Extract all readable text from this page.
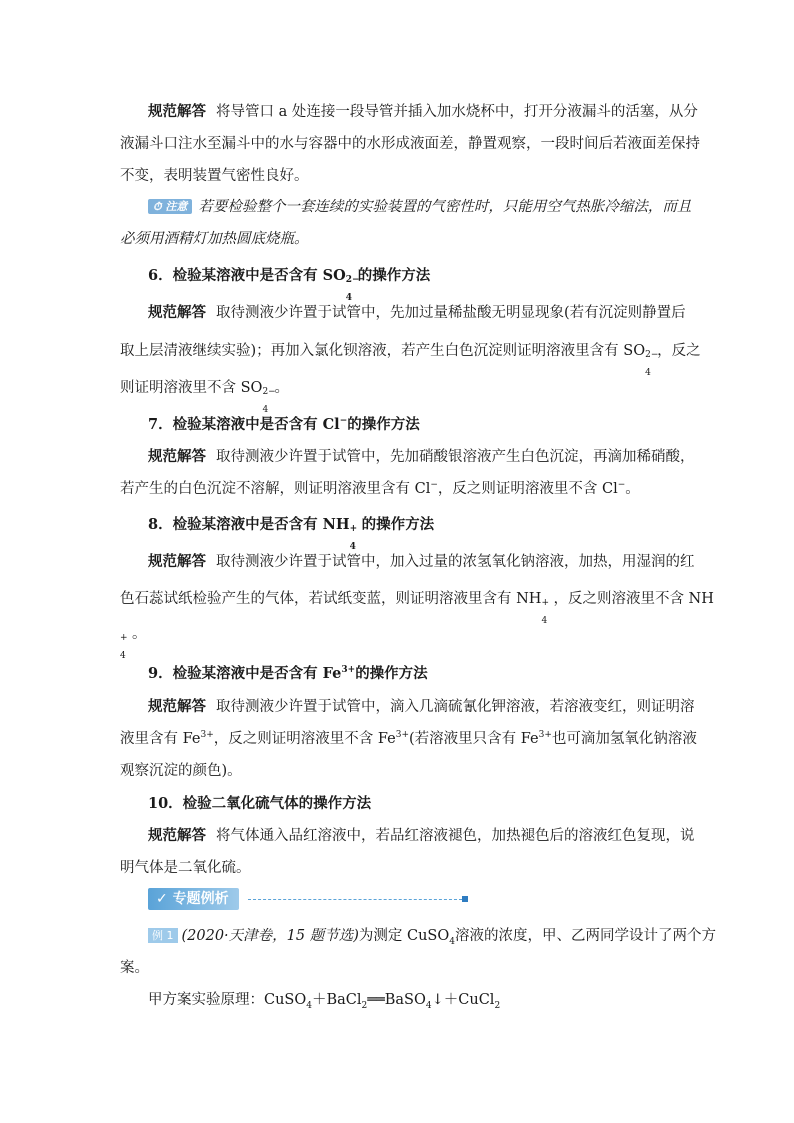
规范解答 将导管口 a 处连接一段导管并插入加水烧杯中，打开分液漏斗的活塞，从分
液漏斗口注水至漏斗中的水与容器中的水形成液面差，静置观察，一段时间后若液面差保持
不变，表明装置气密性良好。
⏱ 注意 若要检验整个一套连续的实验装置的气密性时，只能用空气热胀冷缩法，而且
必须用酒精灯加热圆底烧瓶。
6．检验某溶液中是否含有 SO 2−
4
的操作方法
规范解答 取待测液少许置于试管中，先加过量稀盐酸无明显现象(若有沉淀则静置后
取上层清液继续实验)；再加入氯化钡溶液，若产生白色沉淀则证明溶液里含有 SO 2−
4
，反之
则证明溶液里不含 SO 2−
4
。
7．检验某溶液中是否含有 Cl−的操作方法
规范解答 取待测液少许置于试管中，先加硝酸银溶液产生白色沉淀，再滴加稀硝酸，
若产生的白色沉淀不溶解，则证明溶液里含有 Cl−，反之则证明溶液里不含 Cl−。
8．检验某溶液中是否含有 NH +
4
的操作方法
规范解答 取待测液少许置于试管中，加入过量的浓氢氧化钠溶液，加热，用湿润的红
色石蕊试纸检验产生的气体，若试纸变蓝，则证明溶液里含有 NH +
4
，反之则溶液里不含 NH
+
4
。
9．检验某溶液中是否含有 $Fe^{3+}$的操作方法
规范解答 取待测液少许置于试管中，滴入几滴硫氰化钾溶液，若溶液变红，则证明溶
液里含有 $Fe^{3+}$，反之则证明溶液里不含 $Fe^{3+}$(若溶液里只含有 $Fe^{3+}$也可滴加氢氧化钠溶液
观察沉淀的颜色)。
10．检验二氧化硫气体的操作方法
规范解答 将气体通入品红溶液中，若品红溶液褪色，加热褪色后的溶液红色复现，说
明气体是二氧化硫。
✓ 专题例析
例 1 (2020·天津卷，15 题节选)为测定 CuSO$_4$溶液的浓度，甲、乙两同学设计了两个方
案。
甲方案实验原理：CuSO$_4$＋BaCl$_2$══BaSO$_4$↓＋CuCl$_2$
